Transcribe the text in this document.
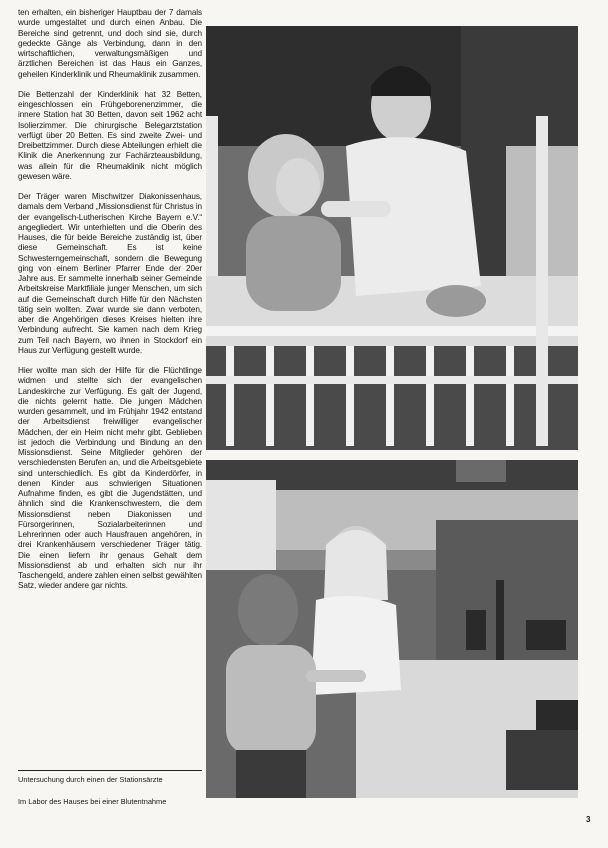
ten erhalten, ein bisheriger Hauptbau der 7 damals wurde umgestaltet und durch einen Anbau. Die Bereiche sind getrennt, und doch sind sie, durch gedeckte Gänge als Verbindung, dann in den wirtschaftlichen, verwaltungsmäßigen und ärztlichen Bereichen ist das Haus ein Ganzes, geheilen Kinderklinik und Rheumaklinik zusammen.

Die Bettenzahl der Kinderklinik hat 32 Betten, eingeschlossen ein Frühgeborenenzimmer, die innere Station hat 30 Betten, davon seit 1962 acht Isolierzimmer. Die chirurgische Belegarztstation verfügt über 20 Betten. Es sind zweite Zwei- und Dreibettzimmer. Durch diese Abteilungen erhielt die Klinik die Anerkennung zur Fachärzteausbildung, was allein für die Rheumaklinik nicht möglich gewesen wäre.

Der Träger waren Mischwitzer Diakonissenhaus, damals dem Verband „Missionsdienst für Christus in der evangelisch-Lutherischen Kirche Bayern e.V.“ angegliedert. Wir unterhielten und die Oberin des Hauses, die für beide Bereiche zuständig ist, über diese Gemeinschaft. Es ist keine Schwesterngemeinschaft, sondern die Bewegung ging von einem Berliner Pfarrer Ende der 20er Jahre aus. Er sammelte innerhalb seiner Gemeinde Arbeitskreise Marktfiliale junger Menschen, um sich auf die Gemeinschaft durch Hilfe für den Nächsten tätig sein wollten. Zwar wurde sie dann verboten, aber die Angehörigen dieses Kreises hielten ihre Verbindung aufrecht. Sie kamen nach dem Krieg zum Teil nach Bayern, wo ihnen in Stockdorf ein Haus zur Verfügung gestellt wurde.

Hier wollte man sich der Hilfe für die Flüchtlinge widmen und stellte sich der evangelischen Landeskirche zur Verfügung. Es galt der Jugend, die nichts gelernt hatte. Die jungen Mädchen wurden gesammelt, und im Frühjahr 1942 entstand der Arbeitsdienst freiwilliger evangelischer Mädchen, der ein Heim nicht mehr gibt. Geblieben ist jedoch die Verbindung und Bindung an den Missionsdienst. Seine Mitglieder gehören der verschiedensten Berufen an, und die Arbeitsgebiete sind unterschiedlich. Es gibt da Kinderdörfer, in denen Kinder aus schwierigen Situationen Aufnahme finden, es gibt die Jugendstätten, und ähnlich sind die Krankenschwestern, die dem Missionsdienst neben Diakonissen und Fürsorgerinnen, Sozialarbeiterinnen und Lehrerinnen oder auch Hausfrauen angehören, in drei Krankenhäusern verschiedener Träger tätig. Die einen liefern ihr genaus Gehalt dem Missionsdienst ab und erhalten sich nur ihr Taschengeld, andere zahlen einen selbst gewählten Satz, wieder andere gar nichts.

Untersuchung durch einen der Stationsärzte
Im Labor des Hauses bei einer Blutentnahme
3
